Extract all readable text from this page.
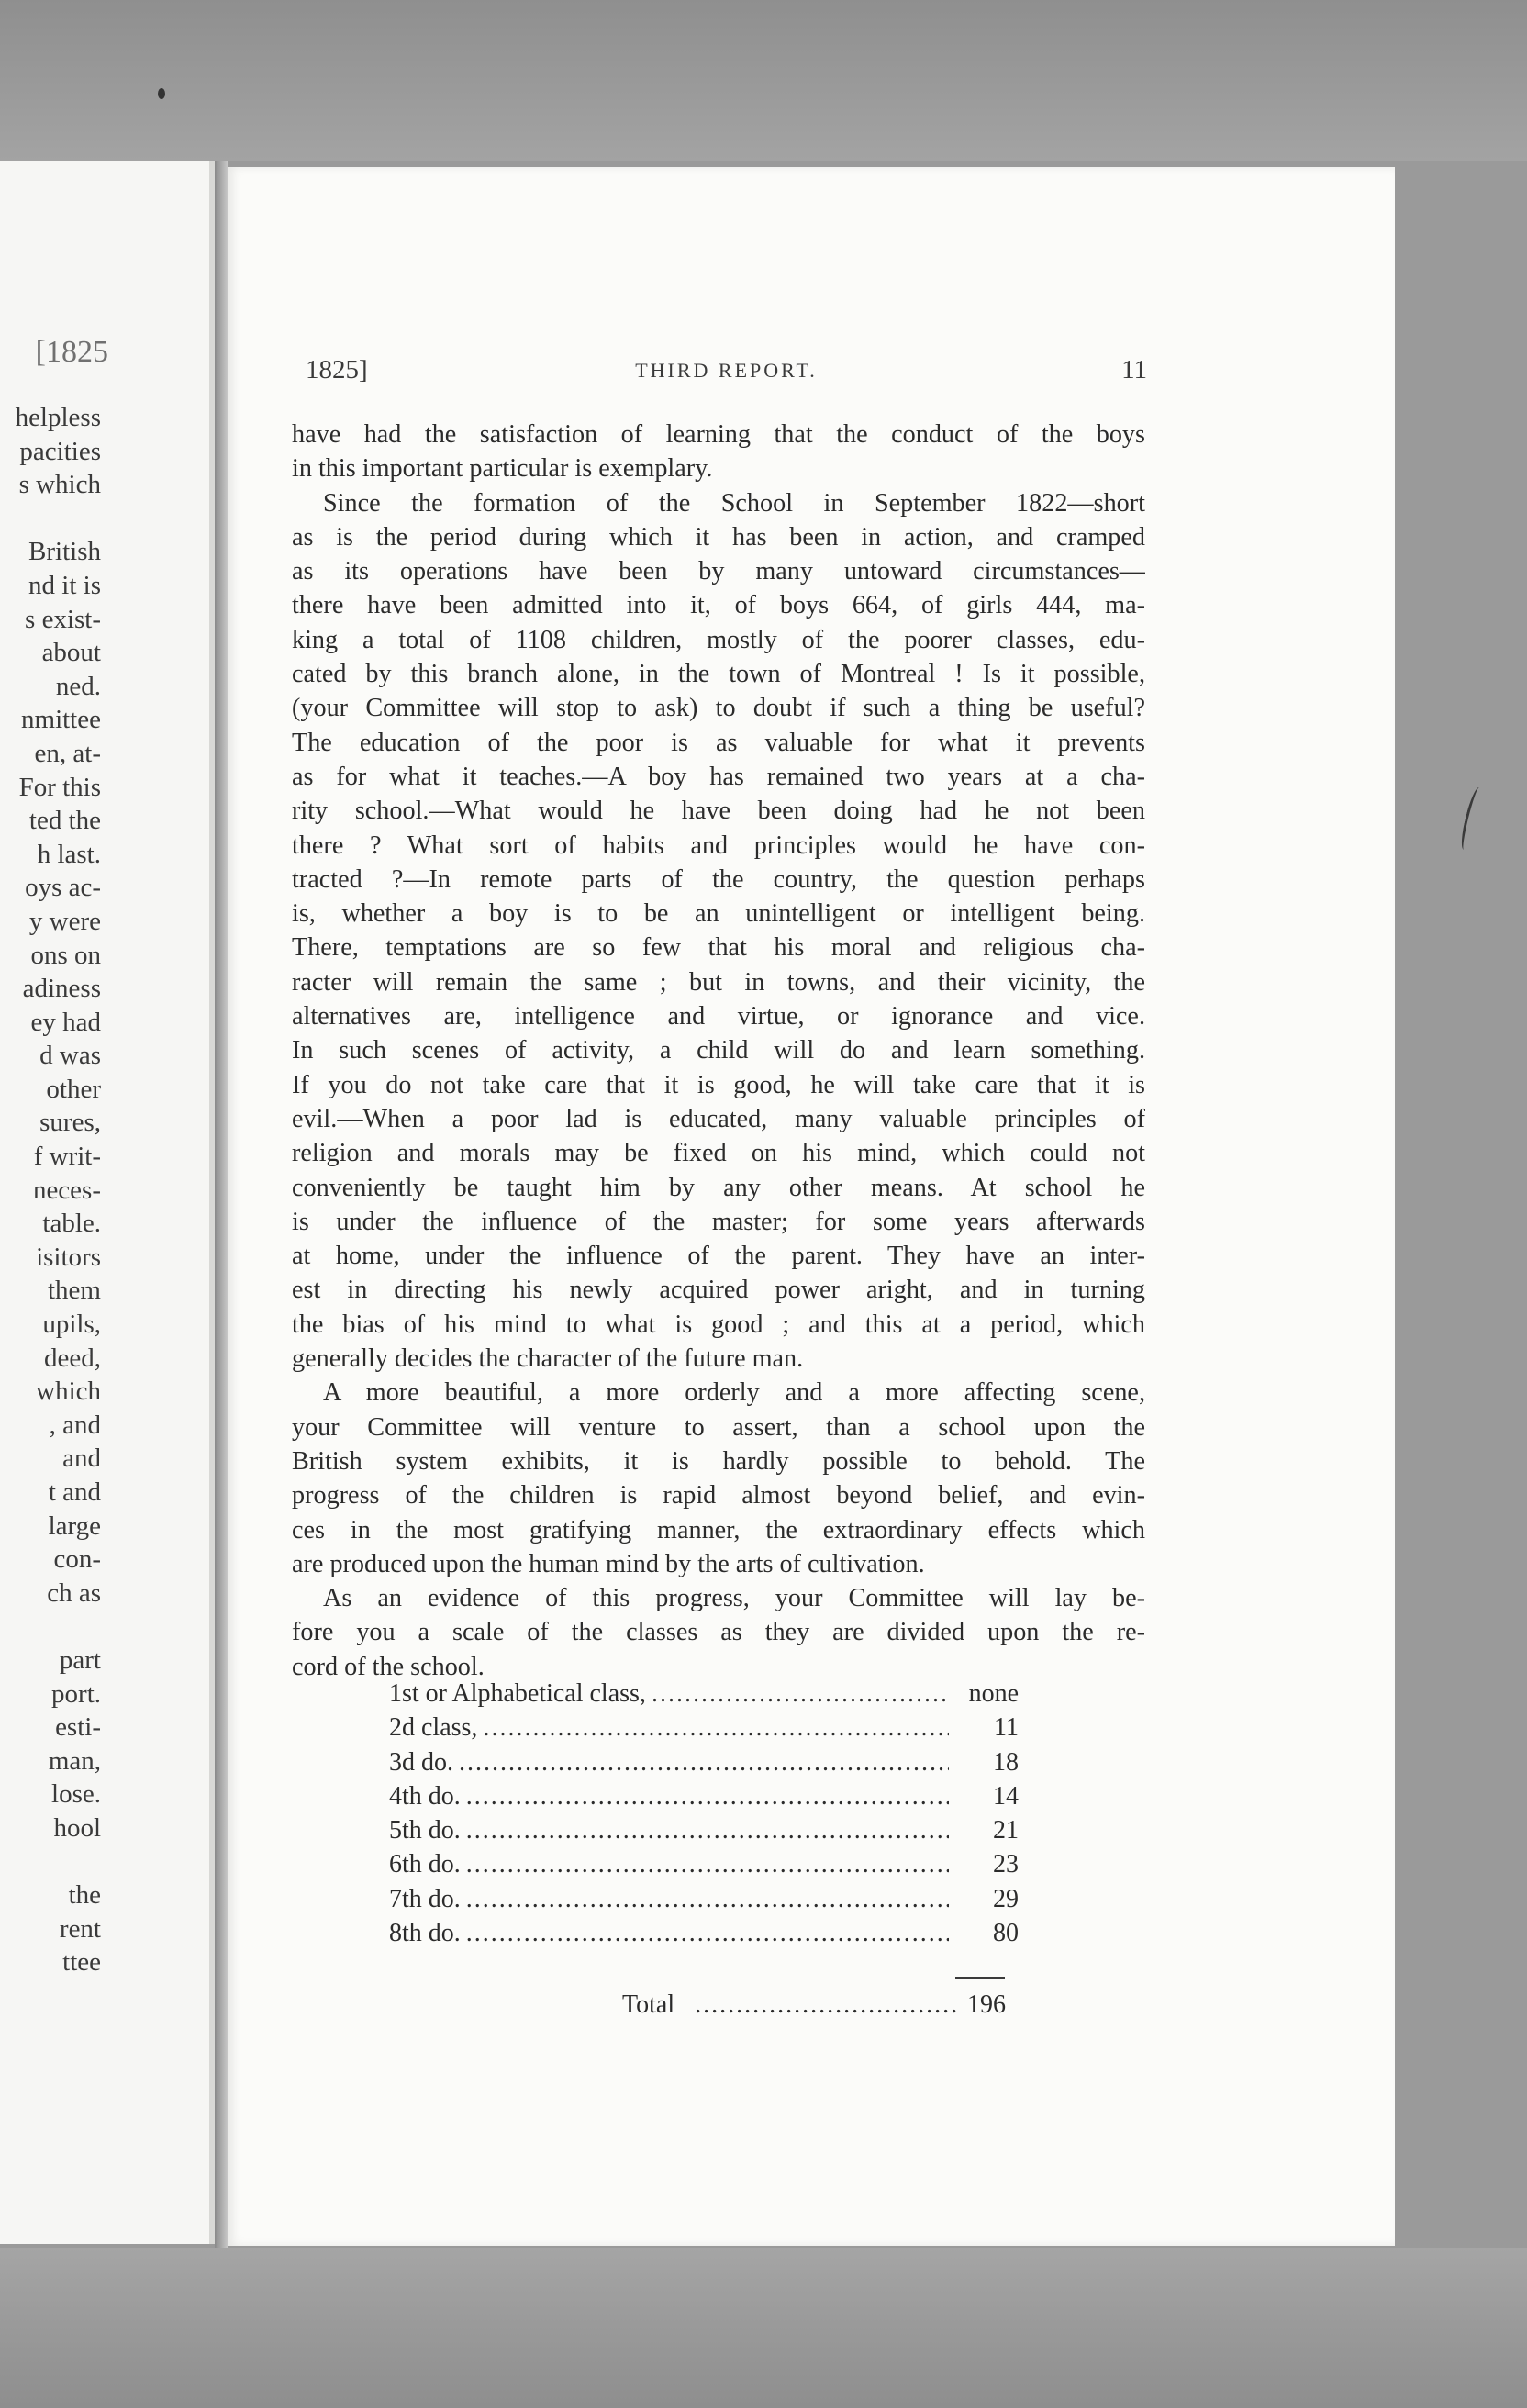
[1825
helpless
pacities
s which
British
nd it is
s exist-
about
ned.
nmittee
en, at-
For this
ted the
h last.
oys ac-
y were
ons on
adiness
ey had
d was
other
sures,
f writ-
neces-
table.
isitors
them
upils,
deed,
which
, and
and
t and
large
con-
ch as
part
port.
esti-
man,
lose.
hool
the
rent
ttee
1825]	THIRD REPORT.	11
have had the satisfaction of learning that the conduct of the boys
in this important particular is exemplary.
Since the formation of the School in September 1822—short
as is the period during which it has been in action, and cramped
as its operations have been by many untoward circumstances—
there have been admitted into it, of boys 664, of girls 444, ma-
king a total of 1108 children, mostly of the poorer classes, edu-
cated by this branch alone, in the town of Montreal ! Is it possible,
(your Committee will stop to ask) to doubt if such a thing be useful?
The education of the poor is as valuable for what it prevents
as for what it teaches.—A boy has remained two years at a cha-
rity school.—What would he have been doing had he not been
there ? What sort of habits and principles would he have con-
tracted ?—In remote parts of the country, the question perhaps
is, whether a boy is to be an unintelligent or intelligent being.
There, temptations are so few that his moral and religious cha-
racter will remain the same ; but in towns, and their vicinity, the
alternatives are, intelligence and virtue, or ignorance and vice.
In such scenes of activity, a child will do and learn something.
If you do not take care that it is good, he will take care that it is
evil.—When a poor lad is educated, many valuable principles of
religion and morals may be fixed on his mind, which could not
conveniently be taught him by any other means. At school he
is under the influence of the master; for some years afterwards
at home, under the influence of the parent. They have an inter-
est in directing his newly acquired power aright, and in turning
the bias of his mind to what is good ; and this at a period, which
generally decides the character of the future man.
A more beautiful, a more orderly and a more affecting scene,
your Committee will venture to assert, than a school upon the
British system exhibits, it is hardly possible to behold. The
progress of the children is rapid almost beyond belief, and evin-
ces in the most gratifying manner, the extraordinary effects which
are produced upon the human mind by the arts of cultivation.
As an evidence of this progress, your Committee will lay be-
fore you a scale of the classes as they are divided upon the re-
cord of the school.
1st or Alphabetical class, .....	none
2d class, .....	11
3d do. .....	18
4th do. .....	14
5th do. .....	21
6th do. .....	23
7th do. .....	29
8th do. .....	80
Total .....	196
